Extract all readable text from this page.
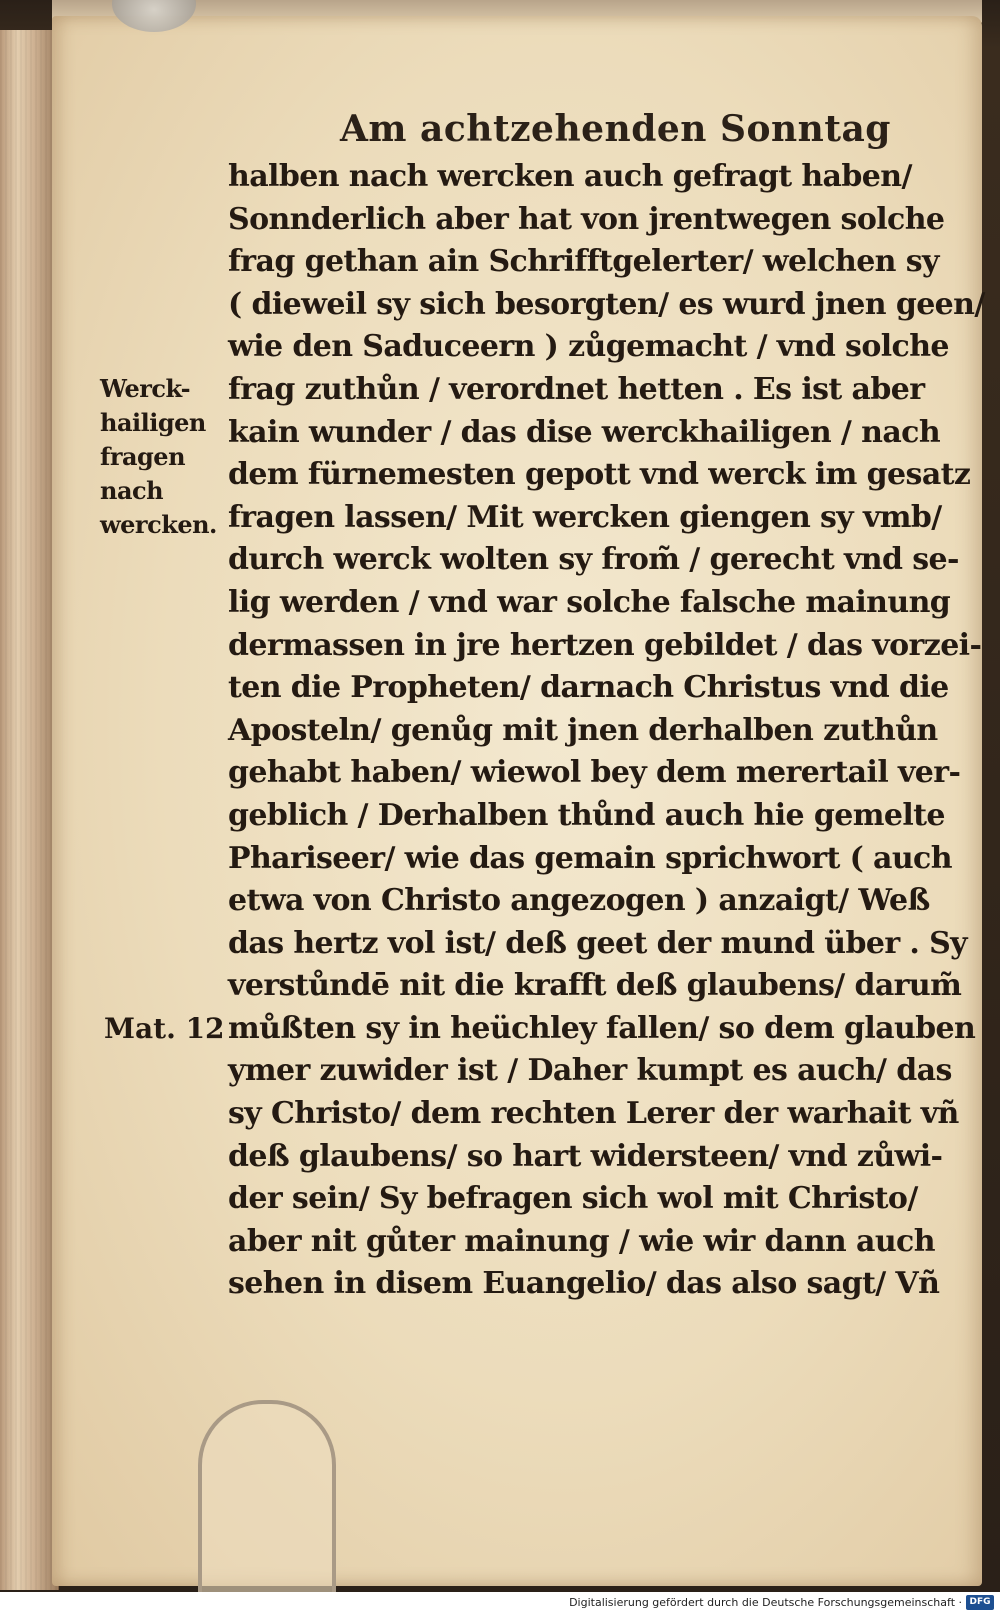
Am achtzehenden Sonntag
halben nach wercken auch gefragt haben/
Sonnderlich aber hat von jrentwegen solche
frag gethan ain Schrifftgelerter/ welchen sy
( dieweil sy sich besorgten/ es wurd jnen geen/
wie den Saduceern ) zůgemacht / vnd solche
frag zuthůn / verordnet hetten . Es ist aber
kain wunder / das dise werckhailigen / nach
dem fürnemesten gepott vnd werck im gesatz
fragen lassen/ Mit wercken giengen sy vmb/
durch werck wolten sy from̃ / gerecht vnd se-
lig werden / vnd war solche falsche mainung
dermassen in jre hertzen gebildet / das vorzei-
ten die Propheten/ darnach Christus vnd die
Aposteln/ genůg mit jnen derhalben zuthůn
gehabt haben/ wiewol bey dem merertail ver-
geblich / Derhalben thůnd auch hie gemelte
Phariseer/ wie das gemain sprichwort ( auch
etwa von Christo angezogen ) anzaigt/ Weß
das hertz vol ist/ deß geet der mund über . Sy
verstůndē nit die krafft deß glaubens/ darum̃
můßten sy in heüchley fallen/ so dem glauben
ymer zuwider ist / Daher kumpt es auch/ das
sy Christo/ dem rechten Lerer der warhait vñ
deß glaubens/ so hart widersteen/ vnd zůwi-
der sein/ Sy befragen sich wol mit Christo/
aber nit gůter mainung / wie wir dann auch
sehen in disem Euangelio/ das also sagt/ Vñ
Werck-
hailigen
fragen
nach
wercken.
Mat. 12
Digitalisierung gefördert durch die Deutsche Forschungsgemeinschaft · DFG
